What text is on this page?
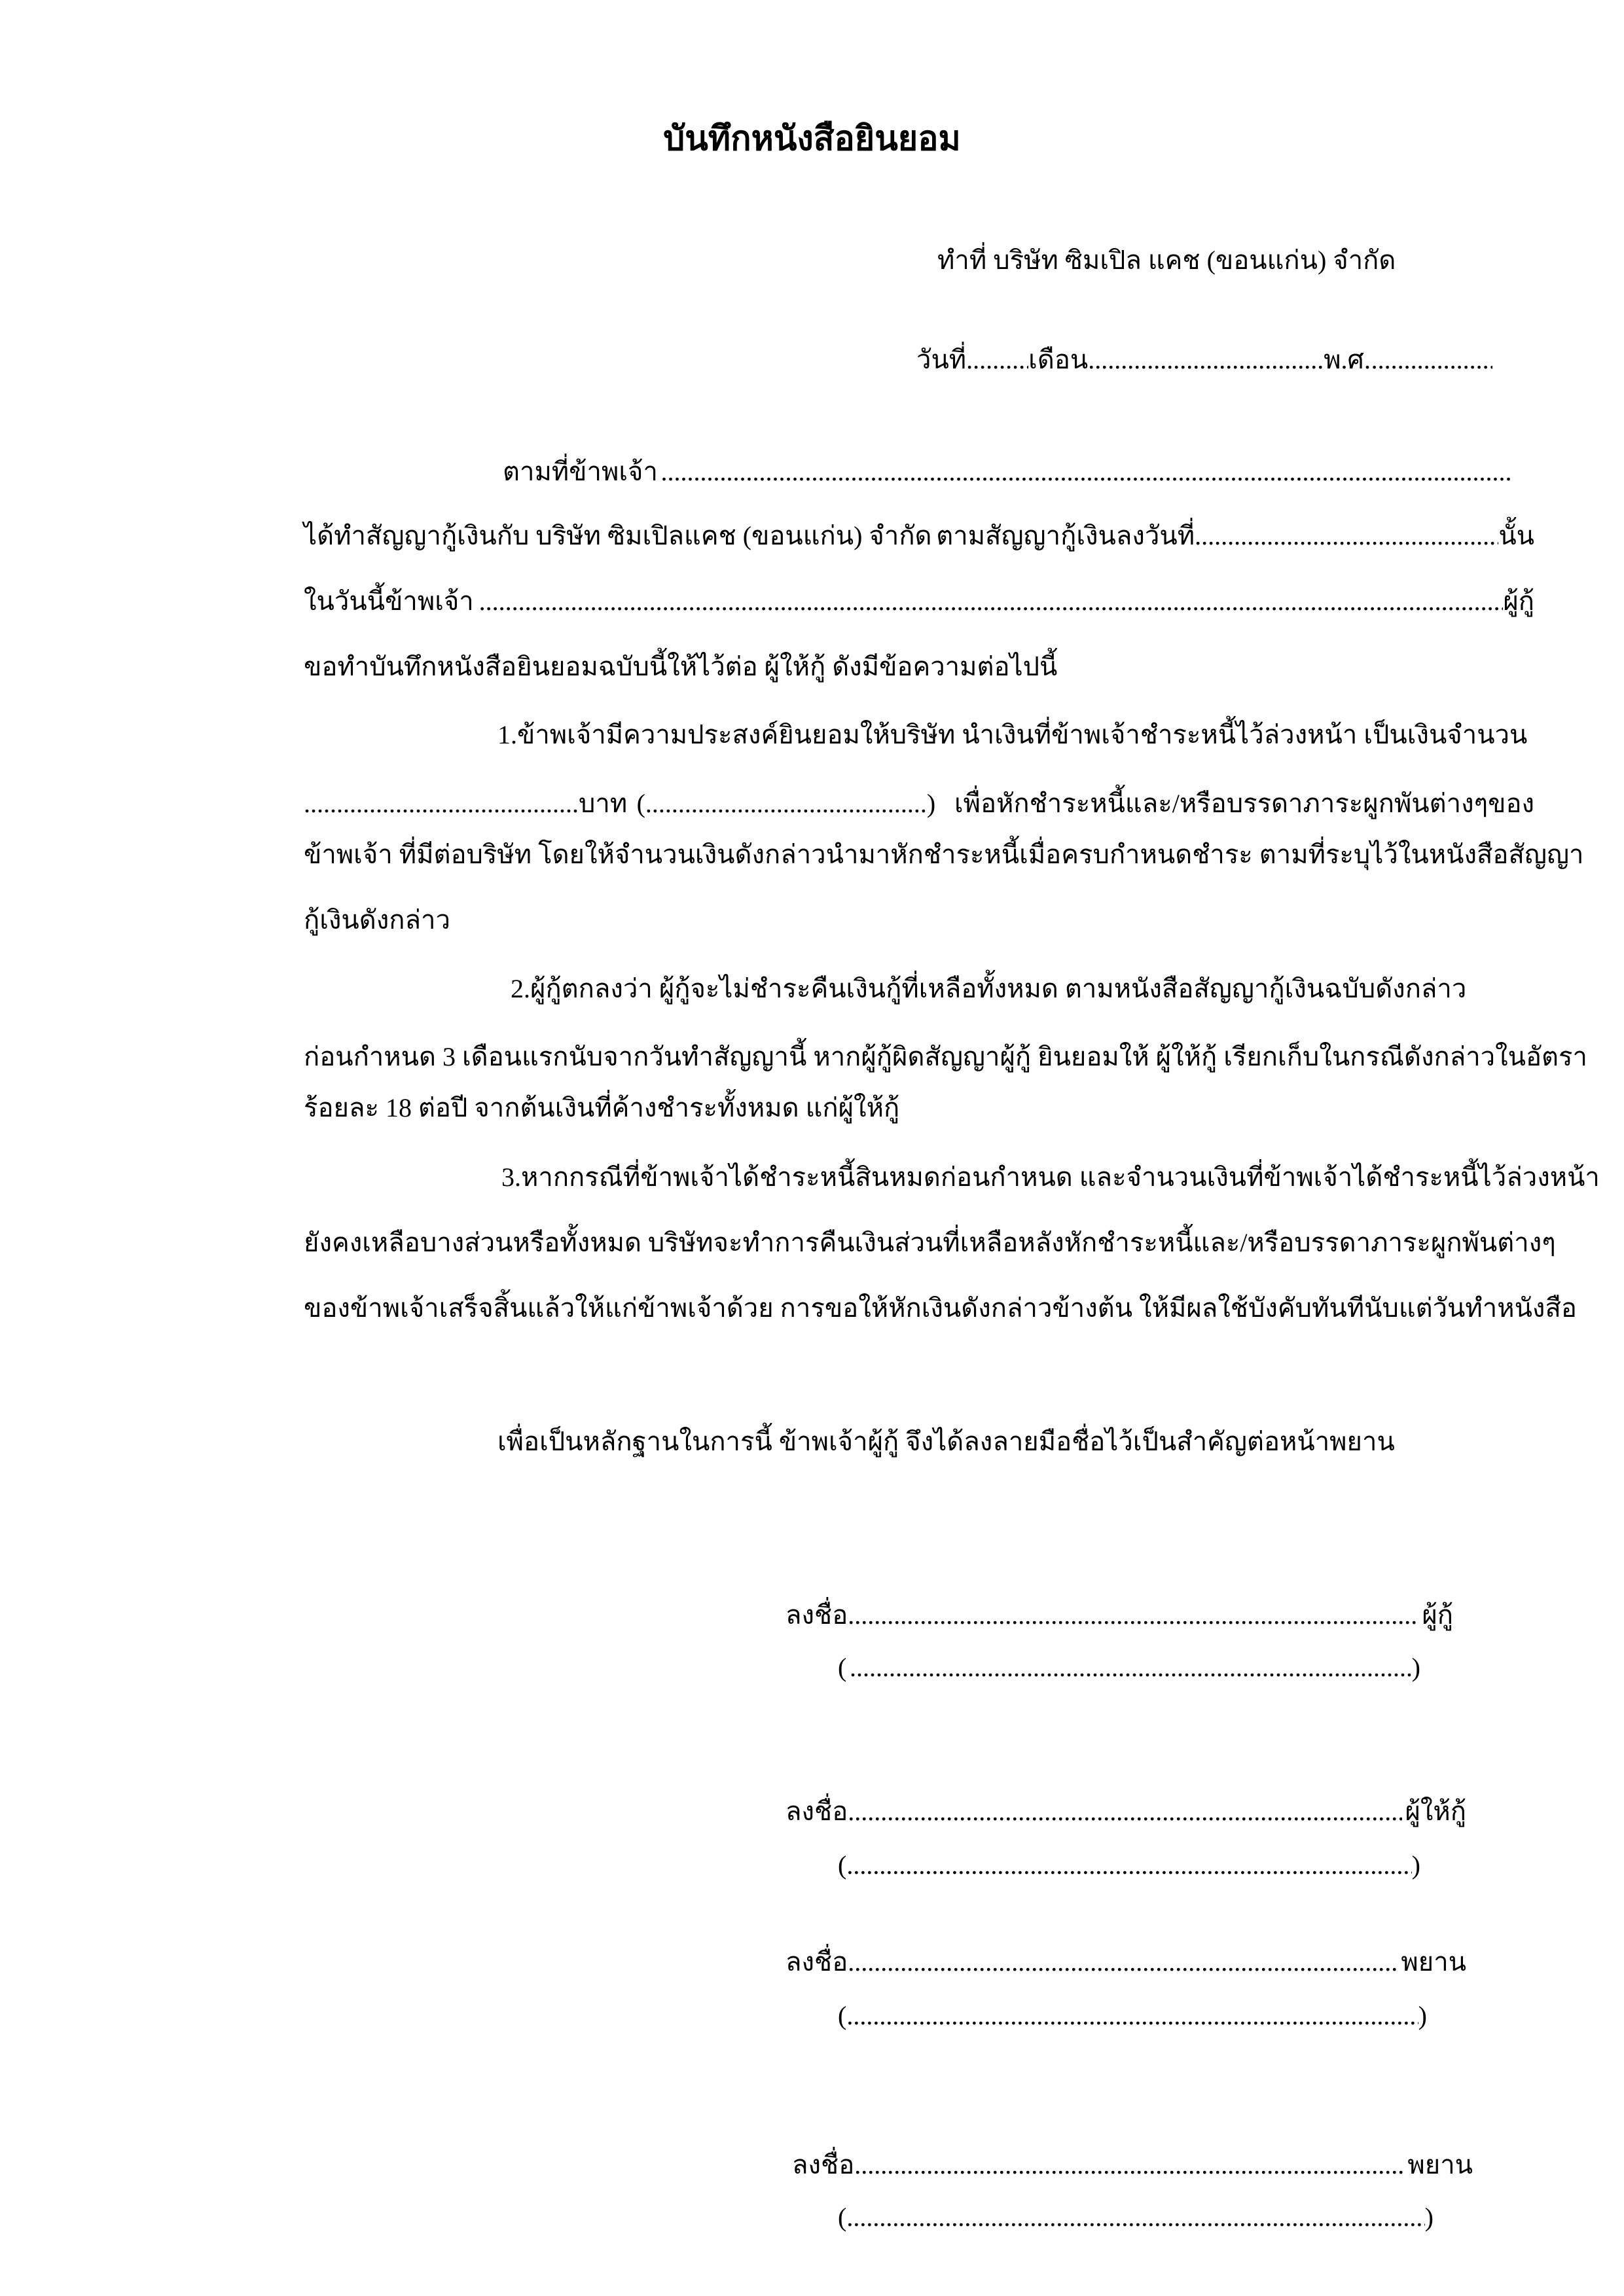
บันทึกหนังสือยินยอม
ทำที่ บริษัท ซิมเปิล แคช (ขอนแก่น) จำกัด
วันที่ ..... เดือน .....	พ.ศ.
.....
ตามที่ข้าพเจ้า
.....
ได้ทำสัญญากู้เงินกับ บริษัท ซิมเปิลแคช (ขอนแก่น) จำกัด ตามสัญญากู้เงินลงวันที่ .....	นั้น
ในวันนี้ข้าพเจ้า .....	ผู้กู้
ขอทำบันทึกหนังสือยินยอมฉบับนี้ให้ไว้ต่อ ผู้ให้กู้ ดังมีข้อความต่อไปนี้
1.ข้าพเจ้ามีความประสงค์ยินยอมให้บริษัท นำเงินที่ข้าพเจ้าชำระหนี้ไว้ล่วงหน้า เป็นเงินจำนวน
.....
บาท ( .....	) เพื่อหักชำระหนี้และ/หรือบรรดาภาระผูกพันต่างๆของ
ข้าพเจ้า ที่มีต่อบริษัท โดยให้จำนวนเงินดังกล่าวนำมาหักชำระหนี้เมื่อครบกำหนดชำระ ตามที่ระบุไว้ในหนังสือสัญญา
กู้เงินดังกล่าว
2.ผู้กู้ตกลงว่า ผู้กู้จะไม่ชำระคืนเงินกู้ที่เหลือทั้งหมด ตามหนังสือสัญญากู้เงินฉบับดังกล่าว
ก่อนกำหนด 3 เดือนแรกนับจากวันทำสัญญานี้ หากผู้กู้ผิดสัญญาผู้กู้ ยินยอมให้ ผู้ให้กู้ เรียกเก็บในกรณีดังกล่าวในอัตรา
ร้อยละ 18 ต่อปี จากต้นเงินที่ค้างชำระทั้งหมด แก่ผู้ให้กู้
3.หากกรณีที่ข้าพเจ้าได้ชำระหนี้สินหมดก่อนกำหนด และจำนวนเงินที่ข้าพเจ้าได้ชำระหนี้ไว้ล่วงหน้า
ยังคงเหลือบางส่วนหรือทั้งหมด บริษัทจะทำการคืนเงินส่วนที่เหลือหลังหักชำระหนี้และ/หรือบรรดาภาระผูกพันต่างๆ
ของข้าพเจ้าเสร็จสิ้นแล้วให้แก่ข้าพเจ้าด้วย การขอให้หักเงินดังกล่าวข้างต้น ให้มีผลใช้บังคับทันทีนับแต่วันทำหนังสือ
เพื่อเป็นหลักฐานในการนี้ ข้าพเจ้าผู้กู้ จึงได้ลงลายมือชื่อไว้เป็นสำคัญต่อหน้าพยาน
ลงชื่อ .....	ผู้กู้
( .....	)
ลงชื่อ .....	ผู้ให้กู้
( .....	)
ลงชื่อ .....	พยาน
( .....	)
ลงชื่อ .....	พยาน
( .....	)
